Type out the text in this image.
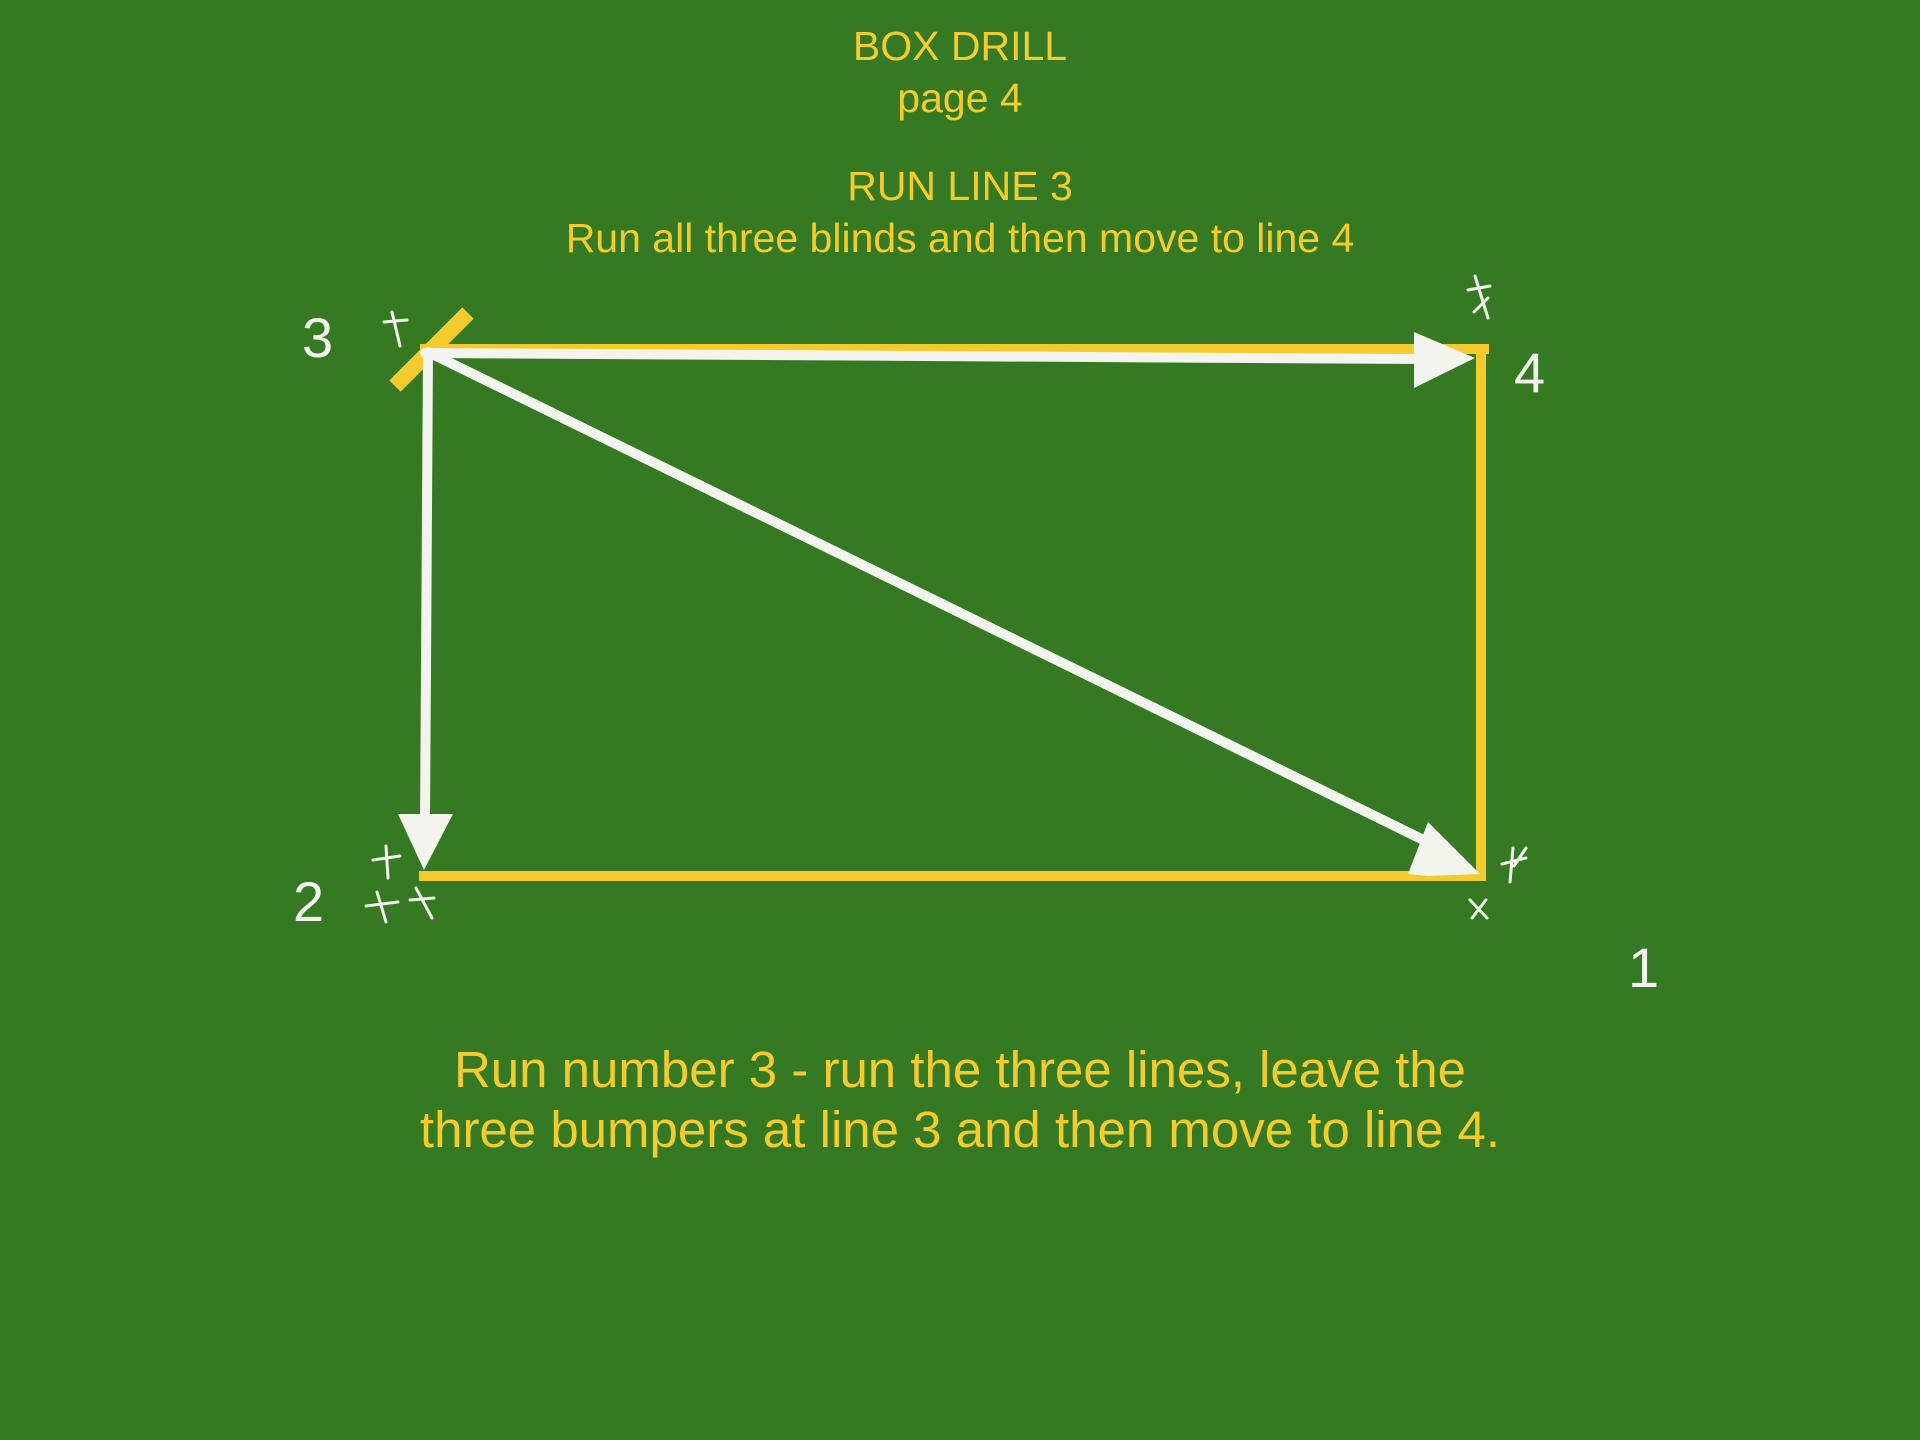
BOX DRILL
page 4
RUN LINE 3
Run all three blinds and then move to line 4
3
4
2
1
Run number 3 - run the three lines, leave the
three bumpers at line 3 and then move to line 4.
